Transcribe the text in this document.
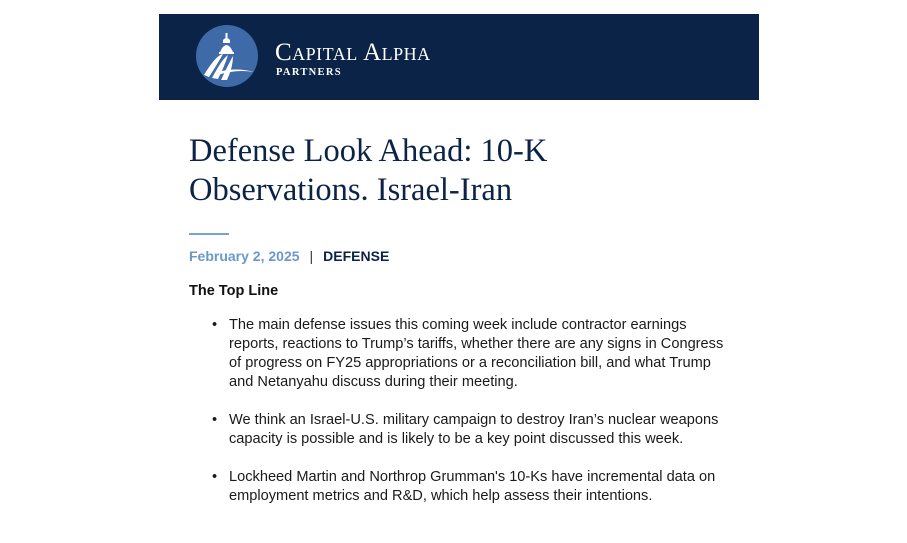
Capital Alpha
PARTNERS
Defense Look Ahead: 10-K Observations. Israel-Iran
February 2, 2025 | DEFENSE
The Top Line
• The main defense issues this coming week include contractor earnings reports, reactions to Trump’s tariffs, whether there are any signs in Congress of progress on FY25 appropriations or a reconciliation bill, and what Trump and Netanyahu discuss during their meeting.
• We think an Israel-U.S. military campaign to destroy Iran’s nuclear weapons capacity is possible and is likely to be a key point discussed this week.
• Lockheed Martin and Northrop Grumman's 10-Ks have incremental data on employment metrics and R&D, which help assess their intentions.
